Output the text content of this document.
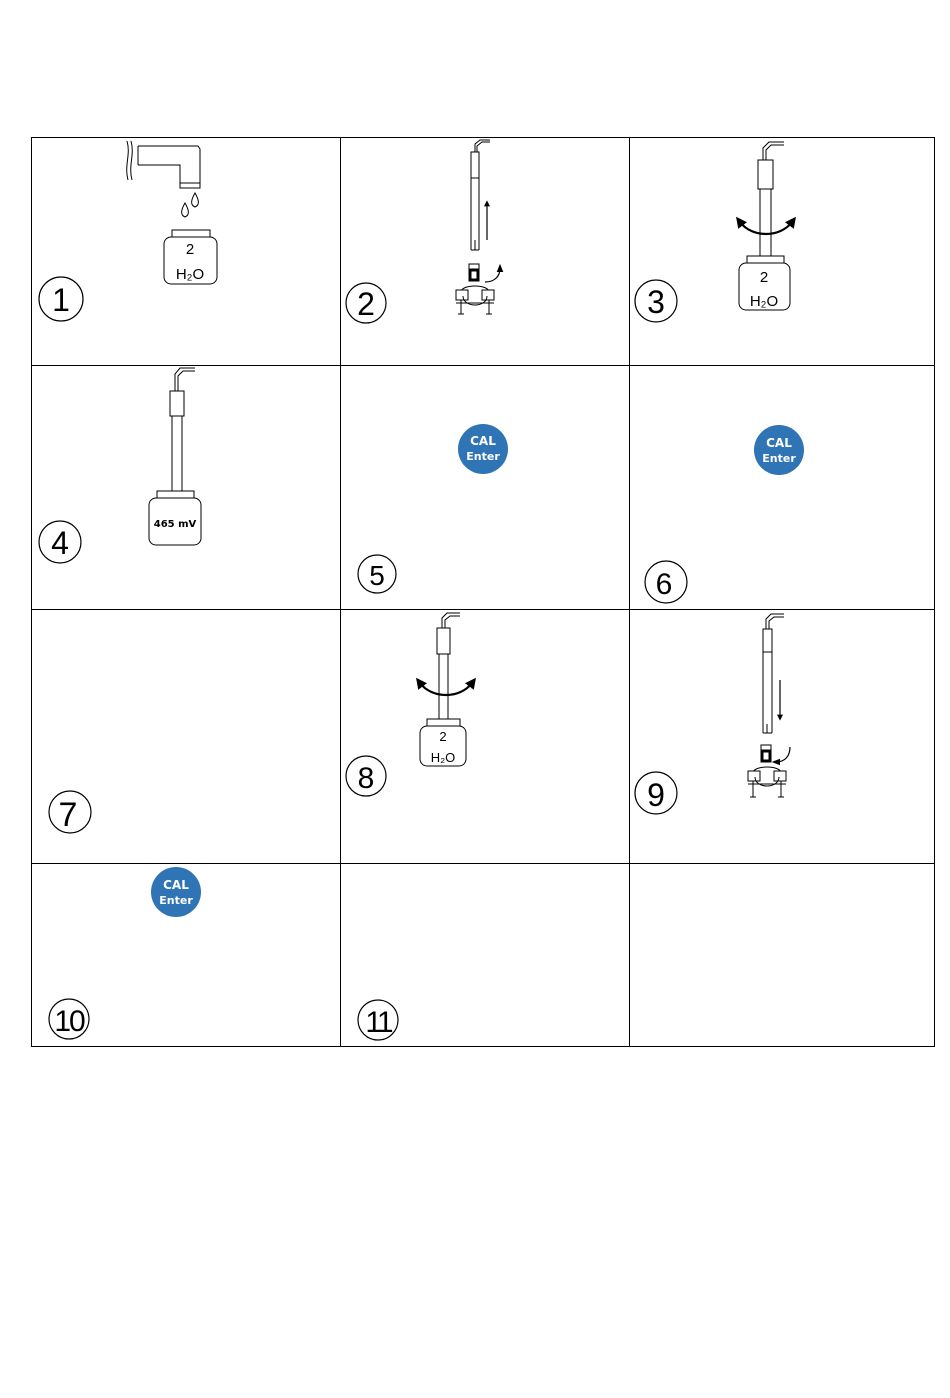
2
H₂O
1	2
2
H₂O
3
465 mV
4
CAL
Enter
5
CAL
Enter
6
7
2
H₂O
8	9
CAL
Enter
10	11
